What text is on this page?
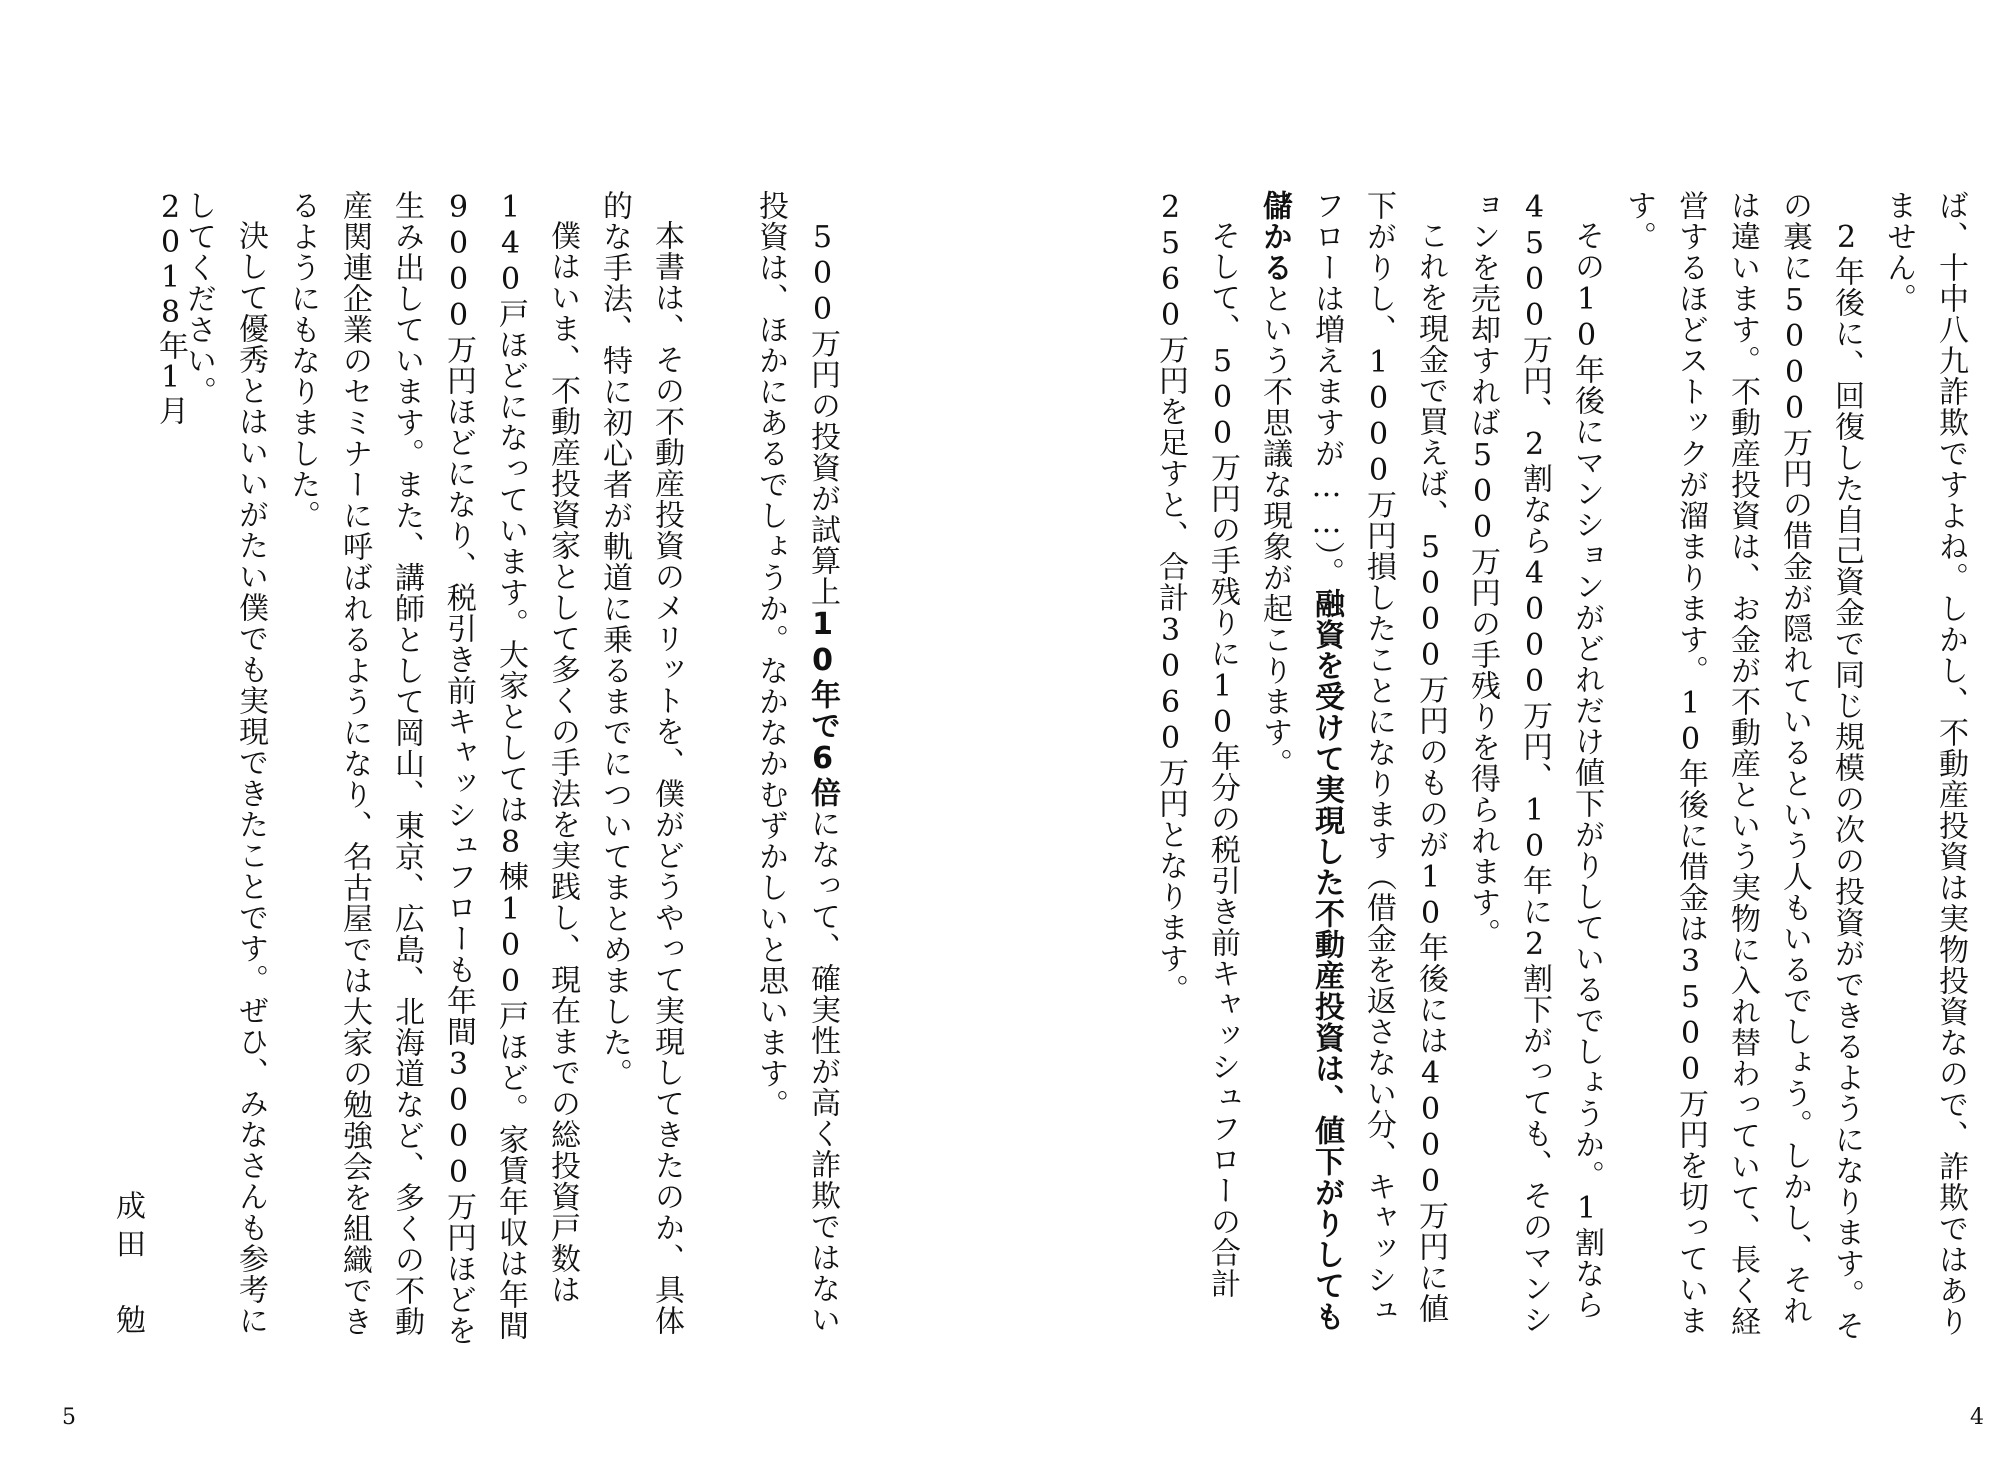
ば、十中八九詐欺ですよね。しかし、不動産投資は実物投資なので、詐欺ではありません。

2年後に、回復した自己資金で同じ規模の次の投資ができるようになります。その裏に5000万円の借金が隠れているという人もいるでしょう。しかし、それは違います。不動産投資は、お金が不動産という実物に入れ替わっていて、長く経営するほどストックが溜まります。10年後に借金は3500万円を切っています。

その10年後にマンションがどれだけ値下がりしているでしょうか。1割なら4500万円、2割なら4000万円、10年に2割下がっても、そのマンションを売却すれば500万円の手残りを得られます。

これを現金で買えば、5000万円のものが10年後には4000万円に値下がりし、1000万円損したことになります（借金を返さない分、キャッシュフローは増えますが……）。融資を受けて実現した不動産投資は、値下がりしても儲かるという不思議な現象が起こります。

そして、500万円の手残りに10年分の税引き前キャッシュフローの合計2560万円を足すと、合計3060万円となります。

4

500万円の投資が試算上10年で6倍になって、確実性が高く詐欺ではない投資は、ほかにあるでしょうか。なかなかむずかしいと思います。

本書は、その不動産投資のメリットを、僕がどうやって実現してきたのか、具体的な手法、特に初心者が軌道に乗るまでについてまとめました。

僕はいま、不動産投資家として多くの手法を実践し、現在までの総投資戸数は140戸ほどになっています。大家としては8棟100戸ほど。家賃年収は年間9000万円ほどになり、税引き前キャッシュフローも年間3000万円ほどを生み出しています。また、講師として岡山、東京、広島、北海道など、多くの不動産関連企業のセミナーに呼ばれるようになり、名古屋では大家の勉強会を組織できるようにもなりました。

決して優秀とはいいがたい僕でも実現できたことです。ぜひ、みなさんも参考にしてください。

2018年1月
成田　勉
5
